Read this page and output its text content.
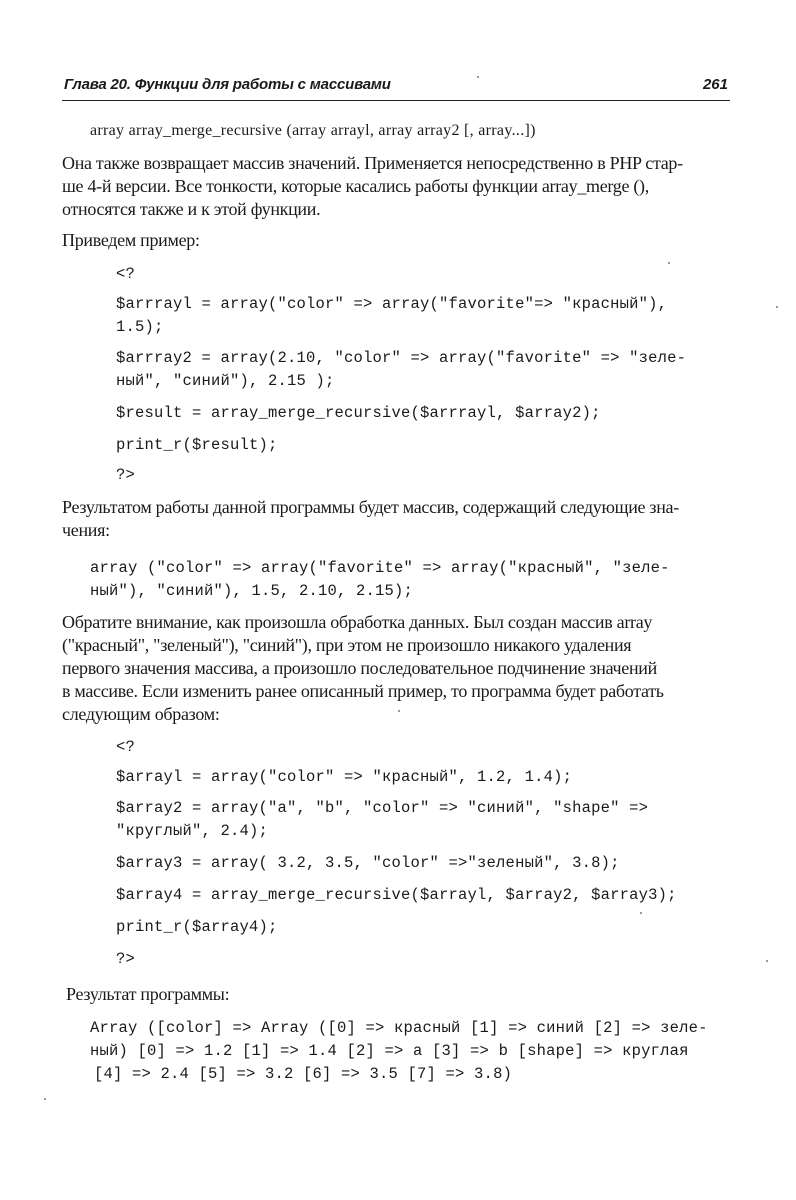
Глава 20. Функции для работы с массивами	261
array array_merge_recursive (array arrayl, array array2 [, array...])
Она также возвращает массив значений. Применяется непосредственно в PHP стар-
ше 4-й версии. Все тонкости, которые касались работы функции array_merge (),
относятся также и к этой функции.
Приведем пример:
<?
$arrrayl = array("color" => array("favorite"=> "красный"),
1.5);
$arrray2 = array(2.10, "color" => array("favorite" => "зеле-
ный", "синий"), 2.15 );
$result = array_merge_recursive($arrrayl, $array2);
print_r($result);
?>
Результатом работы данной программы будет массив, содержащий следующие зна-
чения:
array ("color" => array("favorite" => array("красный", "зеле-
ный"), "синий"), 1.5, 2.10, 2.15);
Обратите внимание, как произошла обработка данных. Был создан массив array
("красный", "зеленый"), "синий"), при этом не произошло никакого удаления
первого значения массива, а произошло последовательное подчинение значений
в массиве. Если изменить ранее описанный пример, то программа будет работать
следующим образом:
<?
$arrayl = array("color" => "красный", 1.2, 1.4);
$array2 = array("a", "b", "color" => "синий", "shape" =>
"круглый", 2.4);
$array3 = array( 3.2, 3.5, "color" =>"зеленый", 3.8);
$array4 = array_merge_recursive($arrayl, $array2, $array3);
print_r($array4);
?>
Результат программы:
Array ([color] => Array ([0] => красный [1] => синий [2] => зеле-
ный) [0] => 1.2 [1] => 1.4 [2] => a [3] => b [shape] => круглая
[4] => 2.4 [5] => 3.2 [6] => 3.5 [7] => 3.8)
